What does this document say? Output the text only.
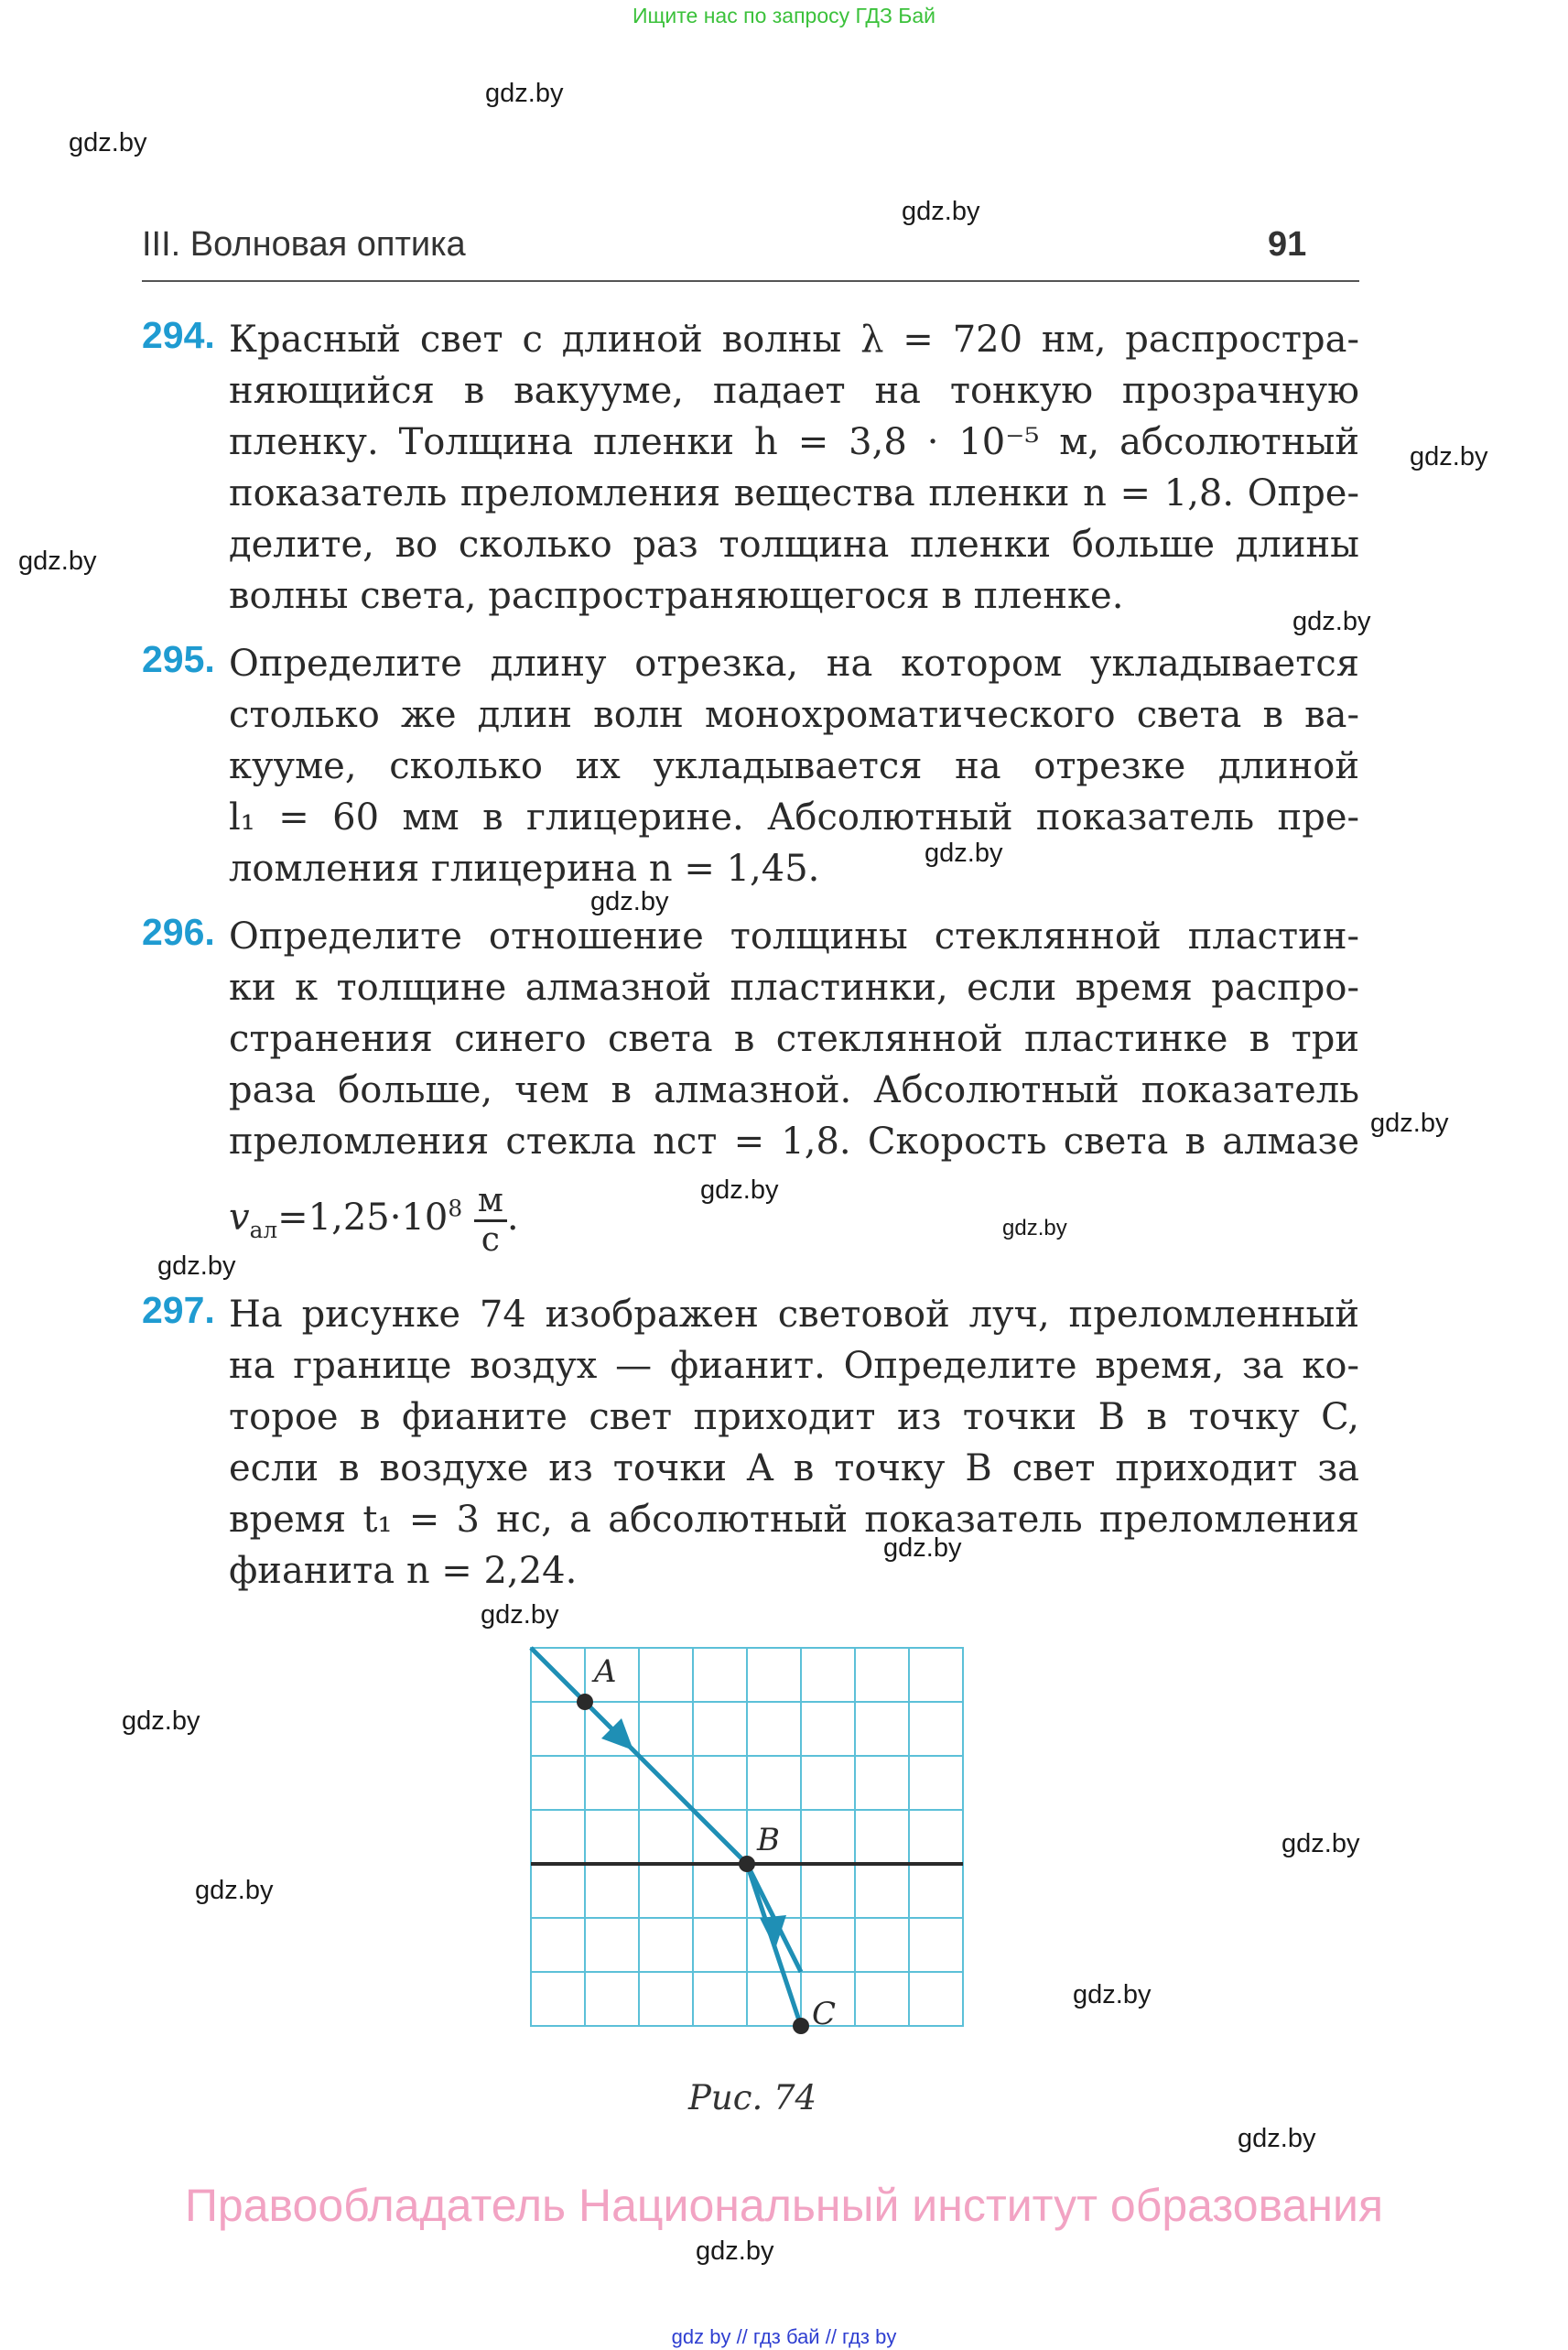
Ищите нас по запросу ГДЗ Бай
gdz.by
gdz.by
gdz.by
gdz.by
gdz.by
gdz.by
gdz.by
gdz.by
gdz.by
gdz.by
gdz.by
gdz.by
gdz.by
gdz.by
gdz.by
gdz.by
gdz.by
gdz.by
gdz.by
gdz.by
III. Волновая оптика	91
294. Красный свет с длиной волны λ = 720 нм, распростра-
няющийся в вакууме, падает на тонкую прозрачную
пленку. Толщина пленки h = 3,8 · 10⁻⁵ м, абсолютный
показатель преломления вещества пленки n = 1,8. Опре-
делите, во сколько раз толщина пленки больше длины
волны света, распространяющегося в пленке.
295. Определите длину отрезка, на котором укладывается
столько же длин волн монохроматического света в ва-
кууме, сколько их укладывается на отрезке длиной
l₁ = 60 мм в глицерине. Абсолютный показатель пре-
ломления глицерина n = 1,45.
296. Определите отношение толщины стеклянной пластин-
ки к толщине алмазной пластинки, если время распро-
странения синего света в стеклянной пластинке в три
раза больше, чем в алмазной. Абсолютный показатель
преломления стекла nст = 1,8. Скорость света в алмазе
$v_{ал}=1,25\cdot 10^8 \frac{м}{с}$ .
297. На рисунке 74 изображен световой луч, преломленный
на границе воздух — фианит. Определите время, за ко-
торое в фианите свет приходит из точки B в точку C,
если в воздухе из точки A в точку B свет приходит за
время t₁ = 3 нс, а абсолютный показатель преломления
фианита n = 2,24.
A
B
C
Рис. 74
Правообладатель Национальный институт образования
gdz by // гдз бай // гдз by
